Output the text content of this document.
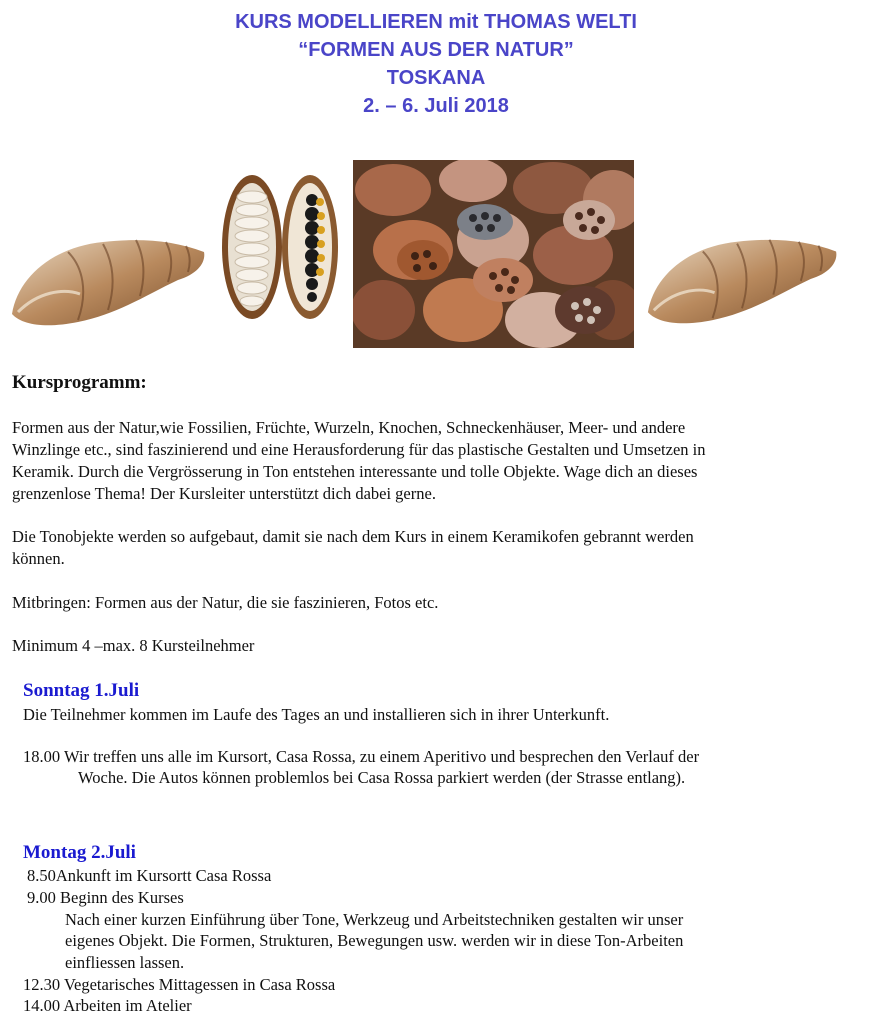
KURS MODELLIEREN mit THOMAS WELTI
“FORMEN AUS DER NATUR”
TOSKANA
2. – 6. Juli 2018
Kursprogramm:
Formen aus der Natur,wie Fossilien, Früchte, Wurzeln, Knochen, Schneckenhäuser, Meer- und andere
Winzlinge etc., sind faszinierend und eine Herausforderung für das plastische Gestalten und Umsetzen in
Keramik. Durch die Vergrösserung in Ton entstehen interessante und tolle Objekte. Wage dich an dieses
grenzenlose Thema! Der Kursleiter unterstützt dich dabei gerne.
Die Tonobjekte werden so aufgebaut, damit sie nach dem Kurs in einem Keramikofen gebrannt werden
können.
Mitbringen: Formen aus der Natur, die sie faszinieren, Fotos etc.
Minimum 4 –max. 8 Kursteilnehmer
Sonntag 1.Juli
Die Teilnehmer kommen im Laufe des Tages an und installieren sich in ihrer Unterkunft.
18.00 Wir treffen uns alle im Kursort, Casa Rossa, zu einem Aperitivo und besprechen den Verlauf der
Woche. Die Autos können problemlos bei Casa Rossa parkiert werden (der Strasse entlang).
Montag 2.Juli
8.50Ankunft im Kursortt Casa Rossa
9.00 Beginn des Kurses
Nach einer kurzen Einführung über Tone, Werkzeug und Arbeitstechniken gestalten wir unser
eigenes Objekt. Die Formen, Strukturen, Bewegungen usw. werden wir in diese Ton-Arbeiten
einfliessen lassen.
12.30 Vegetarisches Mittagessen in Casa Rossa
14.00 Arbeiten im Atelier
